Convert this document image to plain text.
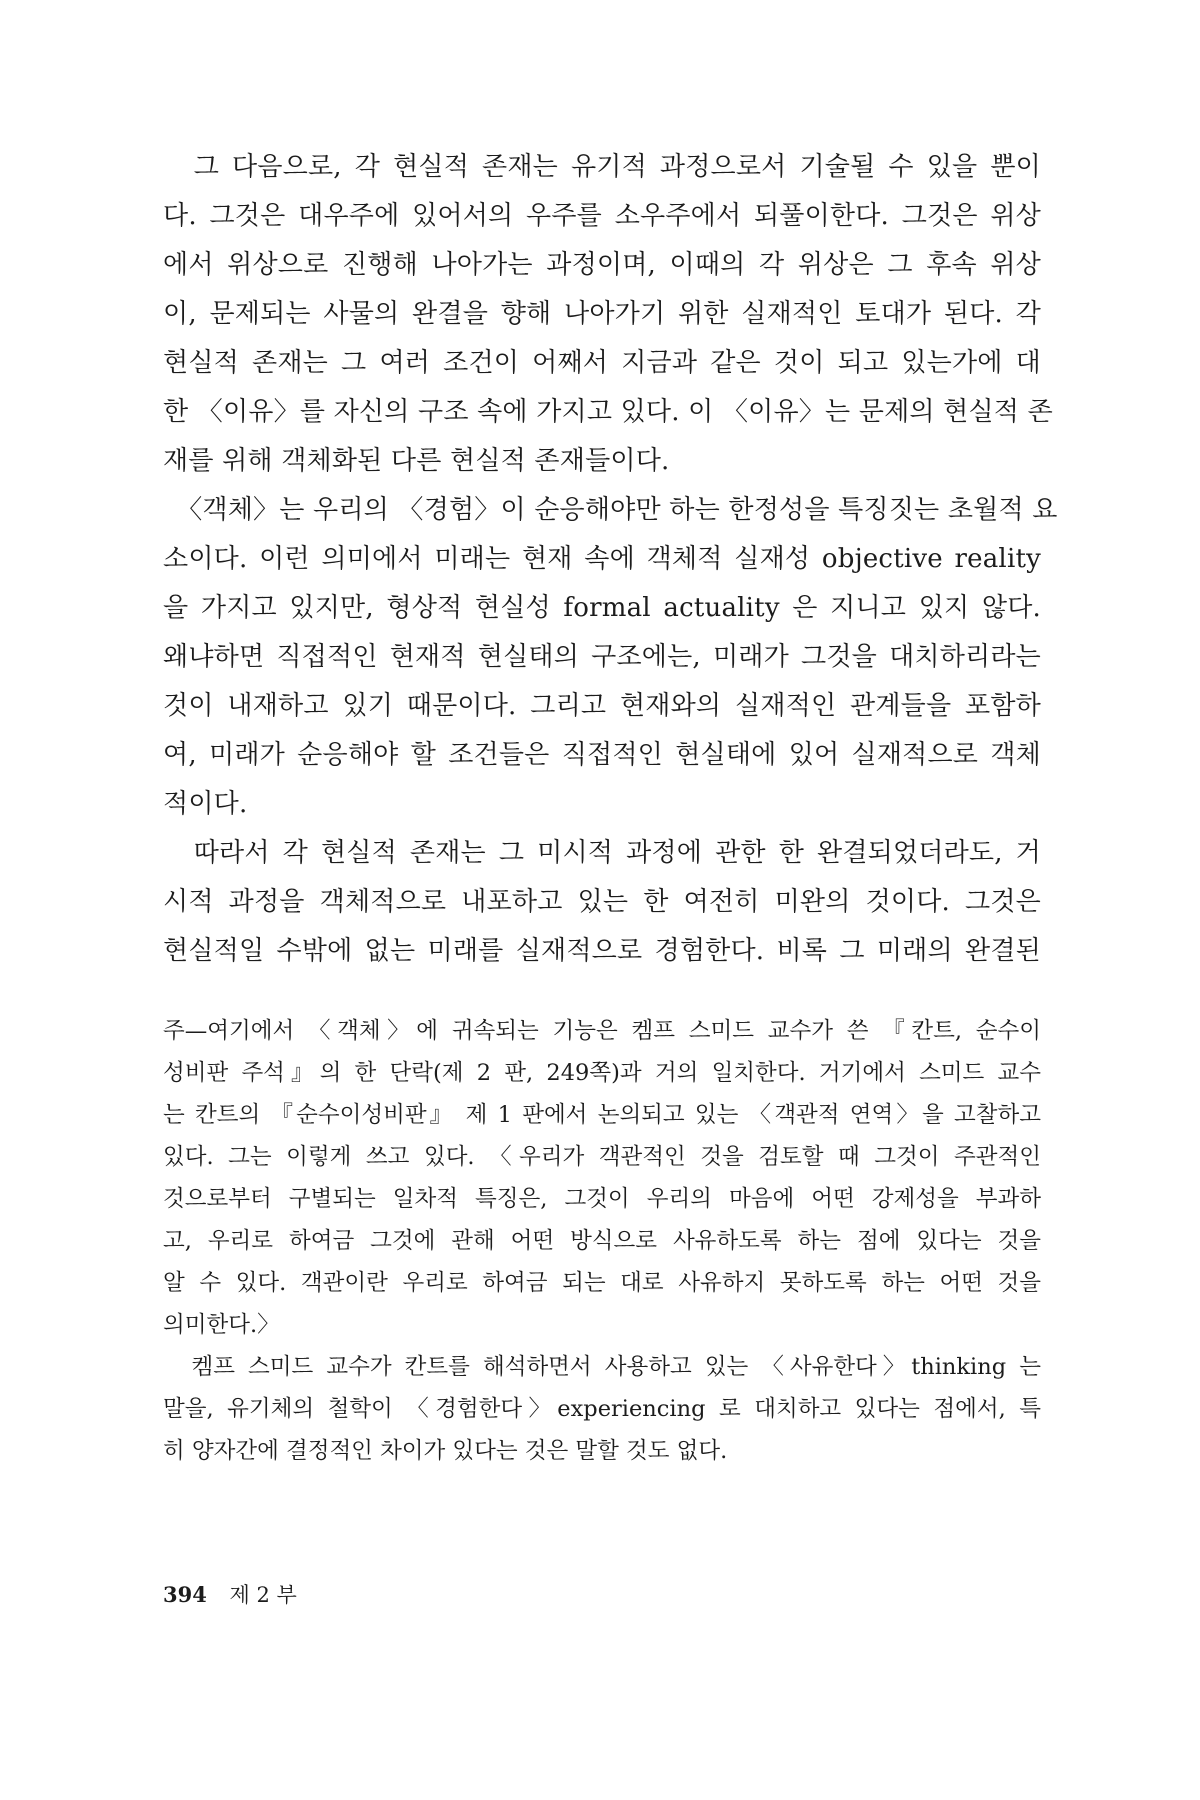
　그 다음으로, 각 현실적 존재는 유기적 과정으로서 기술될 수 있을 뿐이
다. 그것은 대우주에 있어서의 우주를 소우주에서 되풀이한다. 그것은 위상
에서 위상으로 진행해 나아가는 과정이며, 이때의 각 위상은 그 후속 위상
이, 문제되는 사물의 완결을 향해 나아가기 위한 실재적인 토대가 된다. 각
현실적 존재는 그 여러 조건이 어째서 지금과 같은 것이 되고 있는가에 대
한 〈이유〉를 자신의 구조 속에 가지고 있다. 이 〈이유〉는 문제의 현실적 존
재를 위해 객체화된 다른 현실적 존재들이다.
　〈객체〉는 우리의 〈경험〉이 순응해야만 하는 한정성을 특징짓는 초월적 요
소이다. 이런 의미에서 미래는 현재 속에 객체적 실재성 objective reality
을 가지고 있지만, 형상적 현실성 formal actuality 은 지니고 있지 않다.
왜냐하면 직접적인 현재적 현실태의 구조에는, 미래가 그것을 대치하리라는
것이 내재하고 있기 때문이다. 그리고 현재와의 실재적인 관계들을 포함하
여, 미래가 순응해야 할 조건들은 직접적인 현실태에 있어 실재적으로 객체
적이다.
　따라서 각 현실적 존재는 그 미시적 과정에 관한 한 완결되었더라도, 거
시적 과정을 객체적으로 내포하고 있는 한 여전히 미완의 것이다. 그것은
현실적일 수밖에 없는 미래를 실재적으로 경험한다. 비록 그 미래의 완결된
주—여기에서 〈객체〉에 귀속되는 기능은 켐프 스미드 교수가 쓴 『칸트, 순수이
성비판 주석』의 한 단락(제 2 판, 249쪽)과 거의 일치한다. 거기에서 스미드 교수
는 칸트의 『순수이성비판』 제 1 판에서 논의되고 있는 〈객관적 연역〉을 고찰하고
있다. 그는 이렇게 쓰고 있다. 〈우리가 객관적인 것을 검토할 때 그것이 주관적인
것으로부터 구별되는 일차적 특징은, 그것이 우리의 마음에 어떤 강제성을 부과하
고, 우리로 하여금 그것에 관해 어떤 방식으로 사유하도록 하는 점에 있다는 것을
알 수 있다. 객관이란 우리로 하여금 되는 대로 사유하지 못하도록 하는 어떤 것을
의미한다.〉
　켐프 스미드 교수가 칸트를 해석하면서 사용하고 있는 〈사유한다〉thinking 는
말을, 유기체의 철학이 〈경험한다〉experiencing 로 대치하고 있다는 점에서, 특
히 양자간에 결정적인 차이가 있다는 것은 말할 것도 없다.
394 제 2 부
